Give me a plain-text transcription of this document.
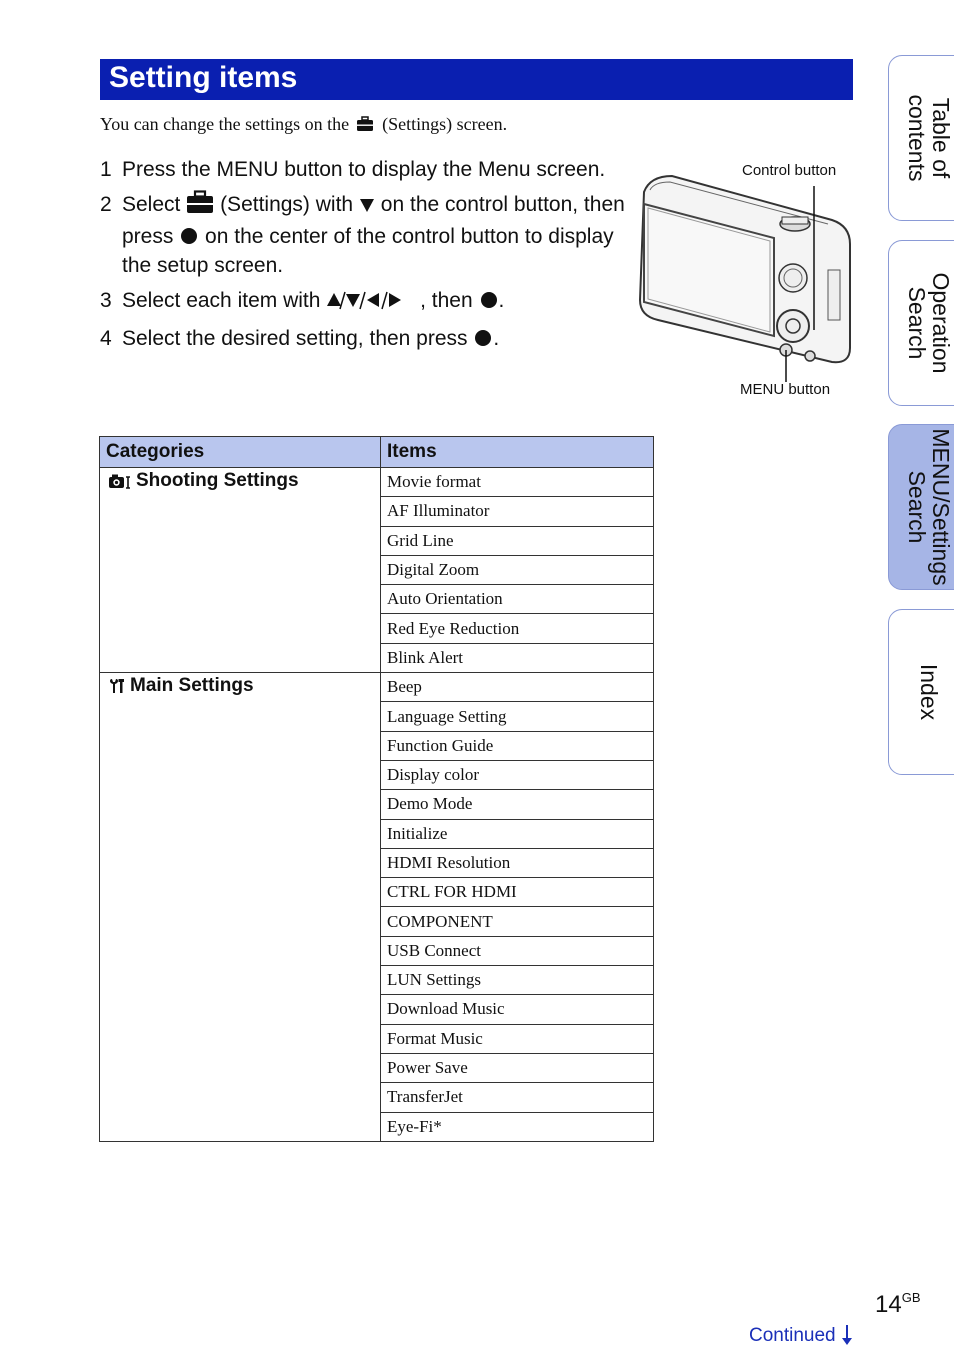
Setting items
You can change the settings on the (Settings) screen.
1 Press the MENU button to display the Menu screen.
2 Select (Settings) with on the control button, then press on the center of the control button to display the setup screen.
3 Select each item with	, then .
4 Select the desired setting, then press .
Control button
MENU button
Categories	Items
Shooting Settings	Movie format
	AF Illuminator
	Grid Line
	Digital Zoom
	Auto Orientation
	Red Eye Reduction
	Blink Alert
Main Settings	Beep
	Language Setting
	Function Guide
	Display color
	Demo Mode
	Initialize
	HDMI Resolution
	CTRL FOR HDMI
	COMPONENT
	USB Connect
	LUN Settings
	Download Music
	Format Music
	Power Save
	TransferJet
	Eye-Fi*
Table of contents
Operation Search
MENU/Settings Search
Index
$14^{GB}$
Continued
